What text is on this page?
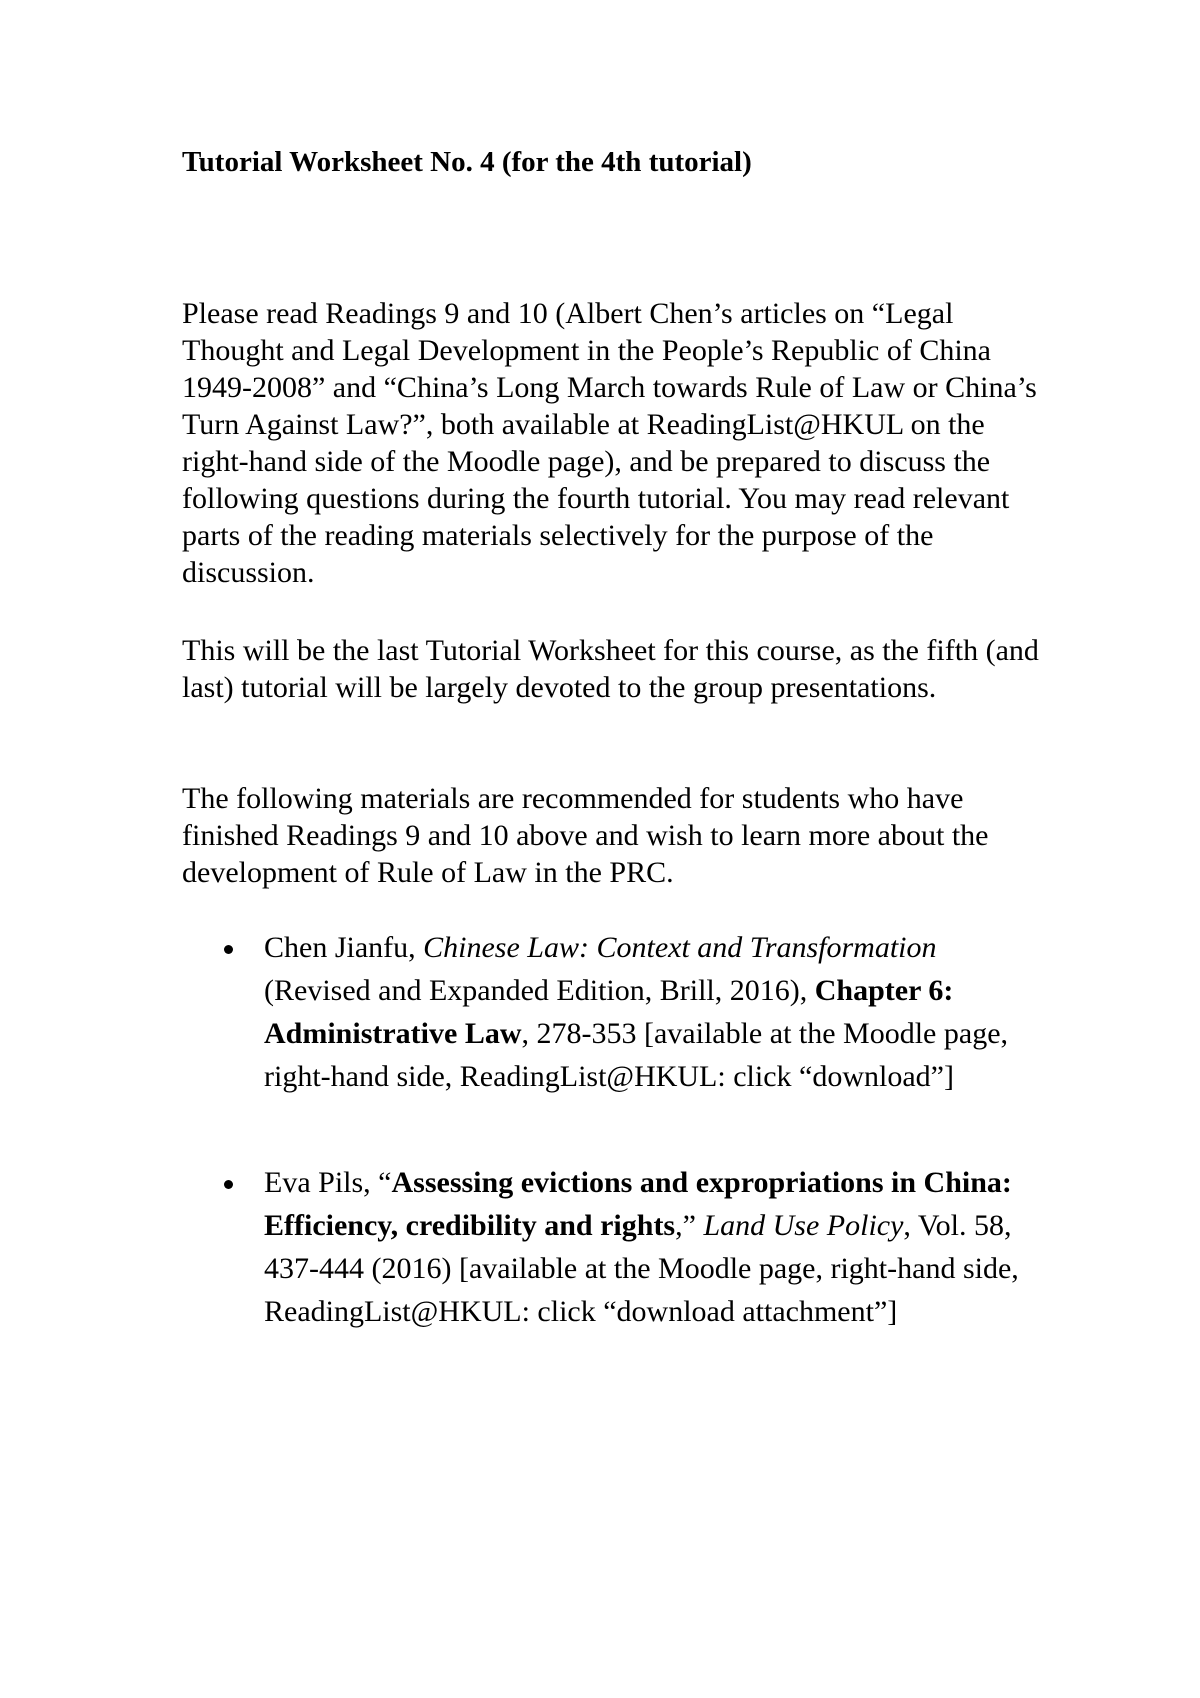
Tutorial Worksheet No. 4 (for the 4th tutorial)

Please read Readings 9 and 10 (Albert Chen’s articles on “Legal Thought and Legal Development in the People’s Republic of China 1949-2008” and “China’s Long March towards Rule of Law or China’s Turn Against Law?”, both available at ReadingList@HKUL on the right-hand side of the Moodle page), and be prepared to discuss the following questions during the fourth tutorial. You may read relevant parts of the reading materials selectively for the purpose of the discussion.

This will be the last Tutorial Worksheet for this course, as the fifth (and last) tutorial will be largely devoted to the group presentations.

The following materials are recommended for students who have finished Readings 9 and 10 above and wish to learn more about the development of Rule of Law in the PRC.

Chen Jianfu, Chinese Law: Context and Transformation (Revised and Expanded Edition, Brill, 2016), Chapter 6: Administrative Law, 278-353 [available at the Moodle page, right-hand side, ReadingList@HKUL: click “download”]
Eva Pils, “Assessing evictions and expropriations in China: Efficiency, credibility and rights,” Land Use Policy, Vol. 58, 437-444 (2016) [available at the Moodle page, right-hand side, ReadingList@HKUL: click “download attachment”]
